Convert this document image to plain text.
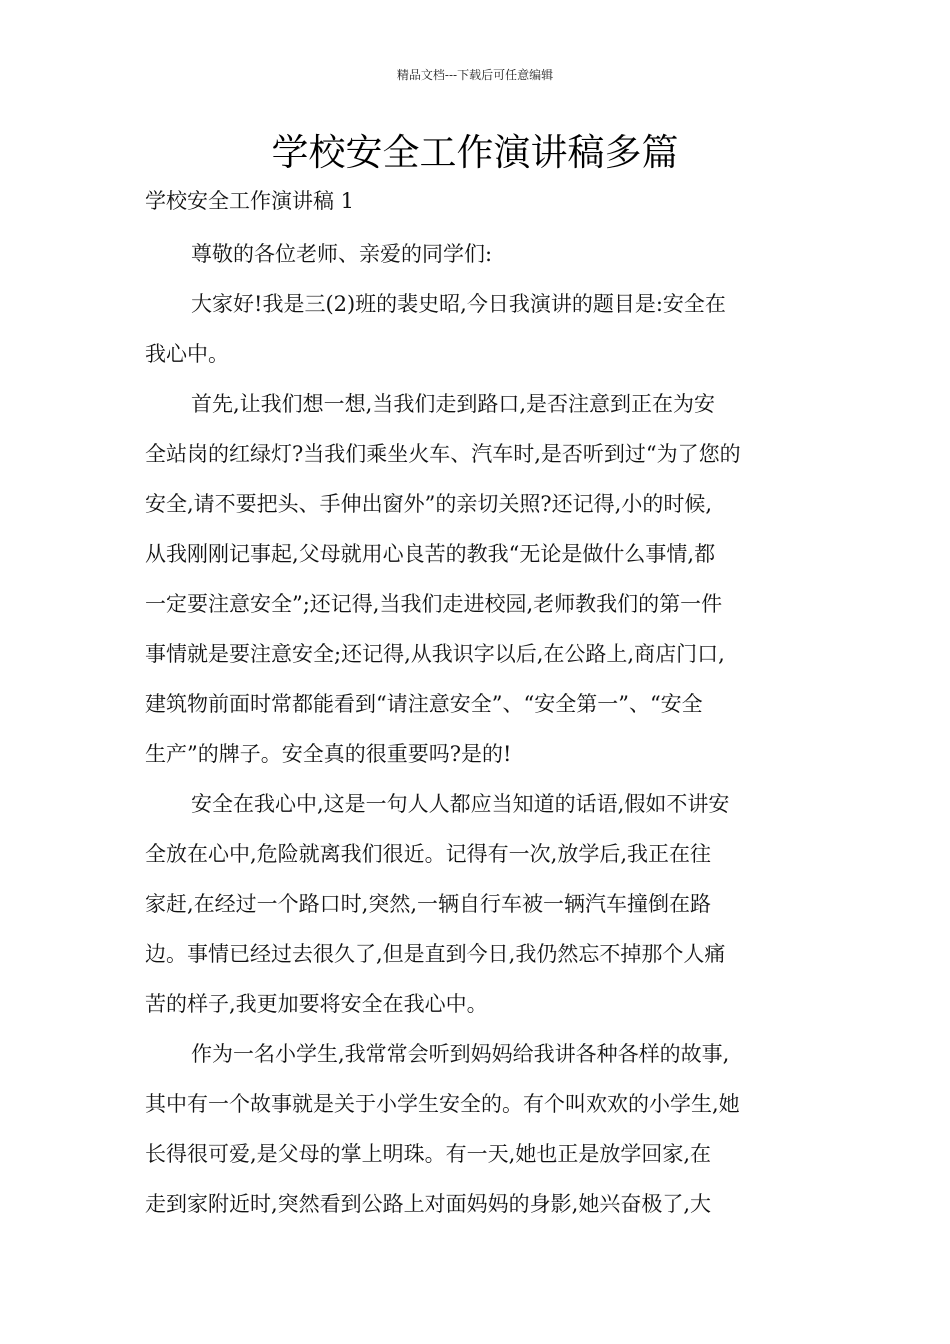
精品文档---下载后可任意编辑
学校安全工作演讲稿多篇
学校安全工作演讲稿 1
尊敬的各位老师、亲爱的同学们:
大家好!我是三(2)班的裴史昭,今日我演讲的题目是:安全在
我心中。
首先,让我们想一想,当我们走到路口,是否注意到正在为安
全站岗的红绿灯?当我们乘坐火车、汽车时,是否听到过“为了您的
安全,请不要把头、手伸出窗外”的亲切关照?还记得,小的时候,
从我刚刚记事起,父母就用心良苦的教我“无论是做什么事情,都
一定要注意安全”;还记得,当我们走进校园,老师教我们的第一件
事情就是要注意安全;还记得,从我识字以后,在公路上,商店门口,
建筑物前面时常都能看到“请注意安全”、“安全第一”、“安全
生产”的牌子。安全真的很重要吗?是的!
安全在我心中,这是一句人人都应当知道的话语,假如不讲安
全放在心中,危险就离我们很近。记得有一次,放学后,我正在往
家赶,在经过一个路口时,突然,一辆自行车被一辆汽车撞倒在路
边。事情已经过去很久了,但是直到今日,我仍然忘不掉那个人痛
苦的样子,我更加要将安全在我心中。
作为一名小学生,我常常会听到妈妈给我讲各种各样的故事,
其中有一个故事就是关于小学生安全的。有个叫欢欢的小学生,她
长得很可爱,是父母的掌上明珠。有一天,她也正是放学回家,在
走到家附近时,突然看到公路上对面妈妈的身影,她兴奋极了,大
